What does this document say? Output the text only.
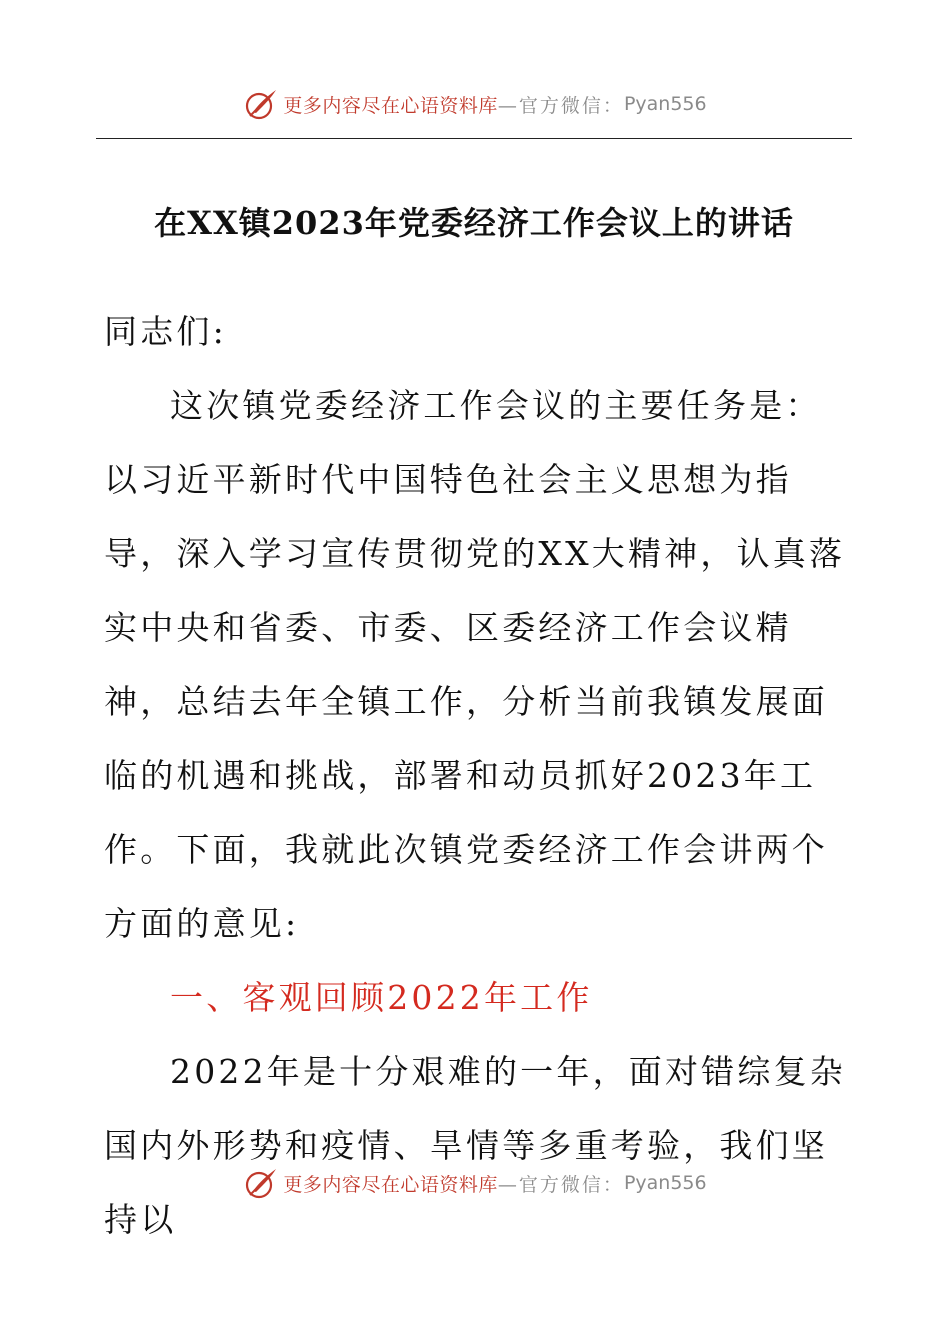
更多内容尽在心语资料库 —官方微信： Pyan556
在XX镇2023年党委经济工作会议上的讲话

同志们:

这次镇党委经济工作会议的主要任务是：以习近平新时代中国特色社会主义思想为指导，深入学习宣传贯彻党的XX大精神，认真落实中央和省委、市委、区委经济工作会议精神，总结去年全镇工作，分析当前我镇发展面临的机遇和挑战，部署和动员抓好2023年工作。下面，我就此次镇党委经济工作会讲两个方面的意见:

一、客观回顾2022年工作

2022年是十分艰难的一年，面对错综复杂国内外形势和疫情、旱情等多重考验，我们坚持以

更多内容尽在心语资料库 —官方微信： Pyan556
